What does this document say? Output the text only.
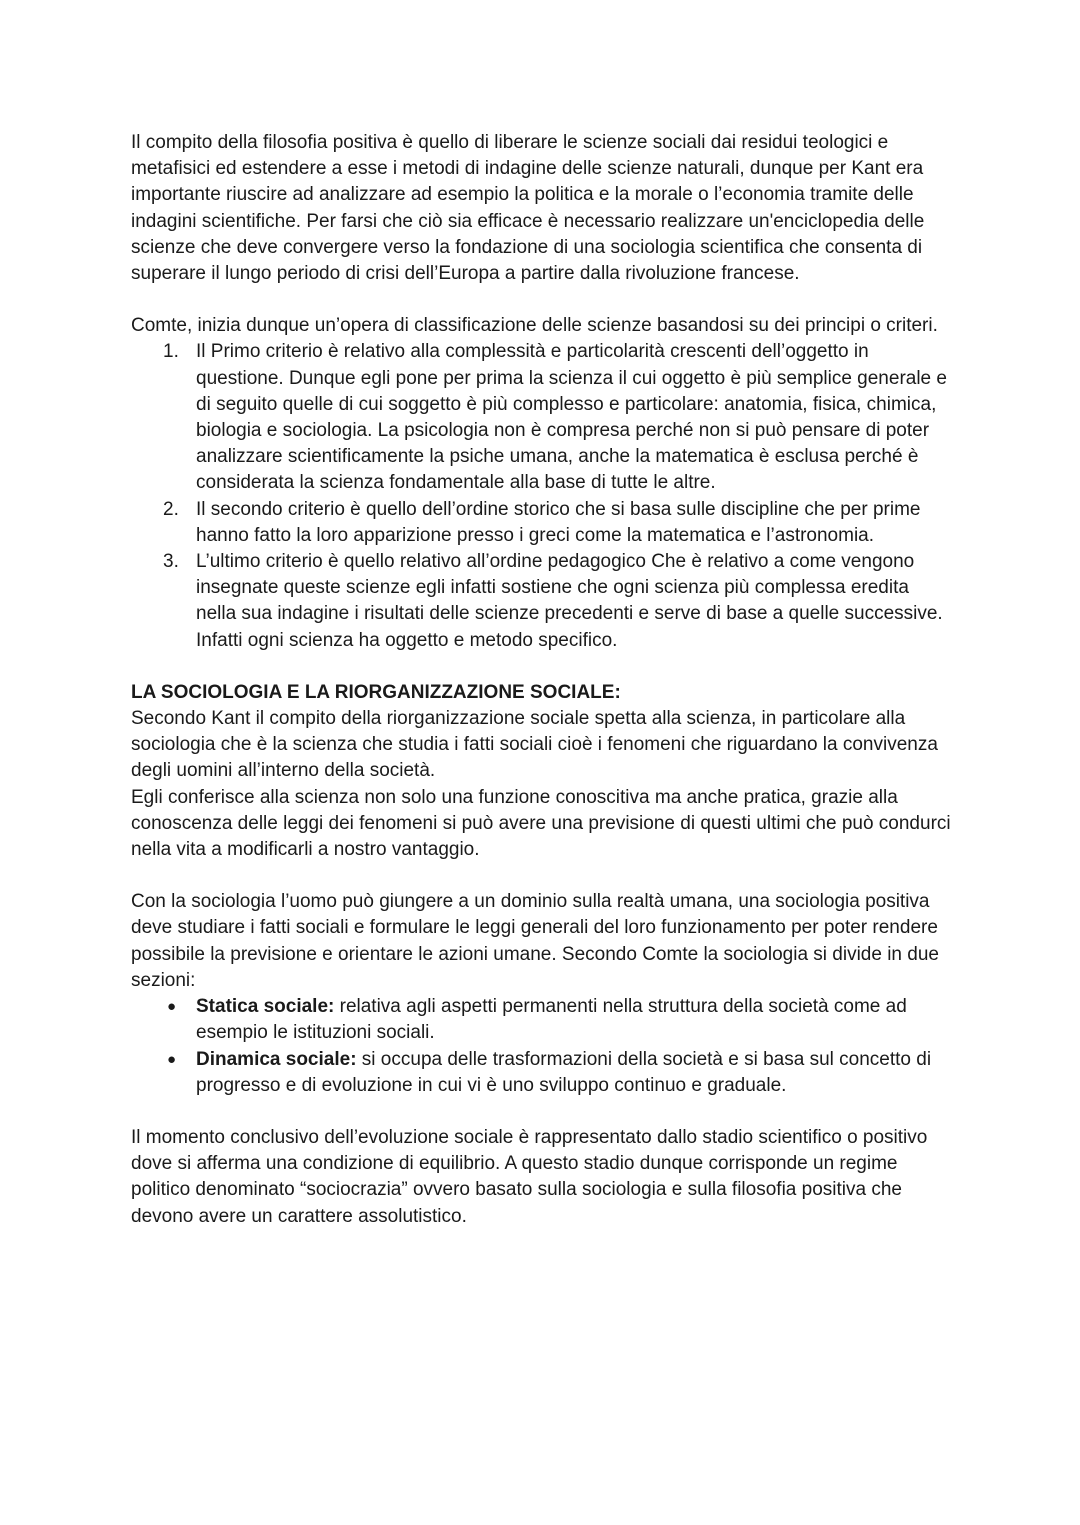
Il compito della filosofia positiva è quello di liberare le scienze sociali dai residui teologici e metafisici ed estendere a esse i metodi di indagine delle scienze naturali, dunque per Kant era importante riuscire ad analizzare ad esempio la politica e la morale o l’economia tramite delle indagini scientifiche. Per farsi che ciò sia efficace è necessario realizzare un'enciclopedia delle scienze che deve convergere verso la fondazione di una sociologia scientifica che consenta di superare il lungo periodo di crisi dell’Europa a partire dalla rivoluzione francese.

Comte, inizia dunque un’opera di classificazione delle scienze basandosi su dei principi o criteri.

1. Il Primo criterio è relativo alla complessità e particolarità crescenti dell’oggetto in questione. Dunque egli pone per prima la scienza il cui oggetto è più semplice generale e di seguito quelle di cui soggetto è più complesso e particolare: anatomia, fisica, chimica, biologia e sociologia. La psicologia non è compresa perché non si può pensare di poter analizzare scientificamente la psiche umana, anche la matematica è esclusa perché è considerata la scienza fondamentale alla base di tutte le altre.
2. Il secondo criterio è quello dell’ordine storico che si basa sulle discipline che per prime hanno fatto la loro apparizione presso i greci come la matematica e l’astronomia.
3. L’ultimo criterio è quello relativo all’ordine pedagogico Che è relativo a come vengono insegnate queste scienze egli infatti sostiene che ogni scienza più complessa eredita nella sua indagine i risultati delle scienze precedenti e serve di base a quelle successive. Infatti ogni scienza ha oggetto e metodo specifico.

LA SOCIOLOGIA E LA RIORGANIZZAZIONE SOCIALE:

Secondo Kant il compito della riorganizzazione sociale spetta alla scienza, in particolare alla sociologia che è la scienza che studia i fatti sociali cioè i fenomeni che riguardano la convivenza degli uomini all’interno della società.

Egli conferisce alla scienza non solo una funzione conoscitiva ma anche pratica, grazie alla conoscenza delle leggi dei fenomeni si può avere una previsione di questi ultimi che può condurci nella vita a modificarli a nostro vantaggio.

Con la sociologia l’uomo può giungere a un dominio sulla realtà umana, una sociologia positiva deve studiare i fatti sociali e formulare le leggi generali del loro funzionamento per poter rendere possibile la previsione e orientare le azioni umane. Secondo Comte la sociologia si divide in due sezioni:

● Statica sociale: relativa agli aspetti permanenti nella struttura della società come ad esempio le istituzioni sociali.
● Dinamica sociale: si occupa delle trasformazioni della società e si basa sul concetto di progresso e di evoluzione in cui vi è uno sviluppo continuo e graduale.

Il momento conclusivo dell’evoluzione sociale è rappresentato dallo stadio scientifico o positivo dove si afferma una condizione di equilibrio. A questo stadio dunque corrisponde un regime politico denominato “sociocrazia” ovvero basato sulla sociologia e sulla filosofia positiva che devono avere un carattere assolutistico.
